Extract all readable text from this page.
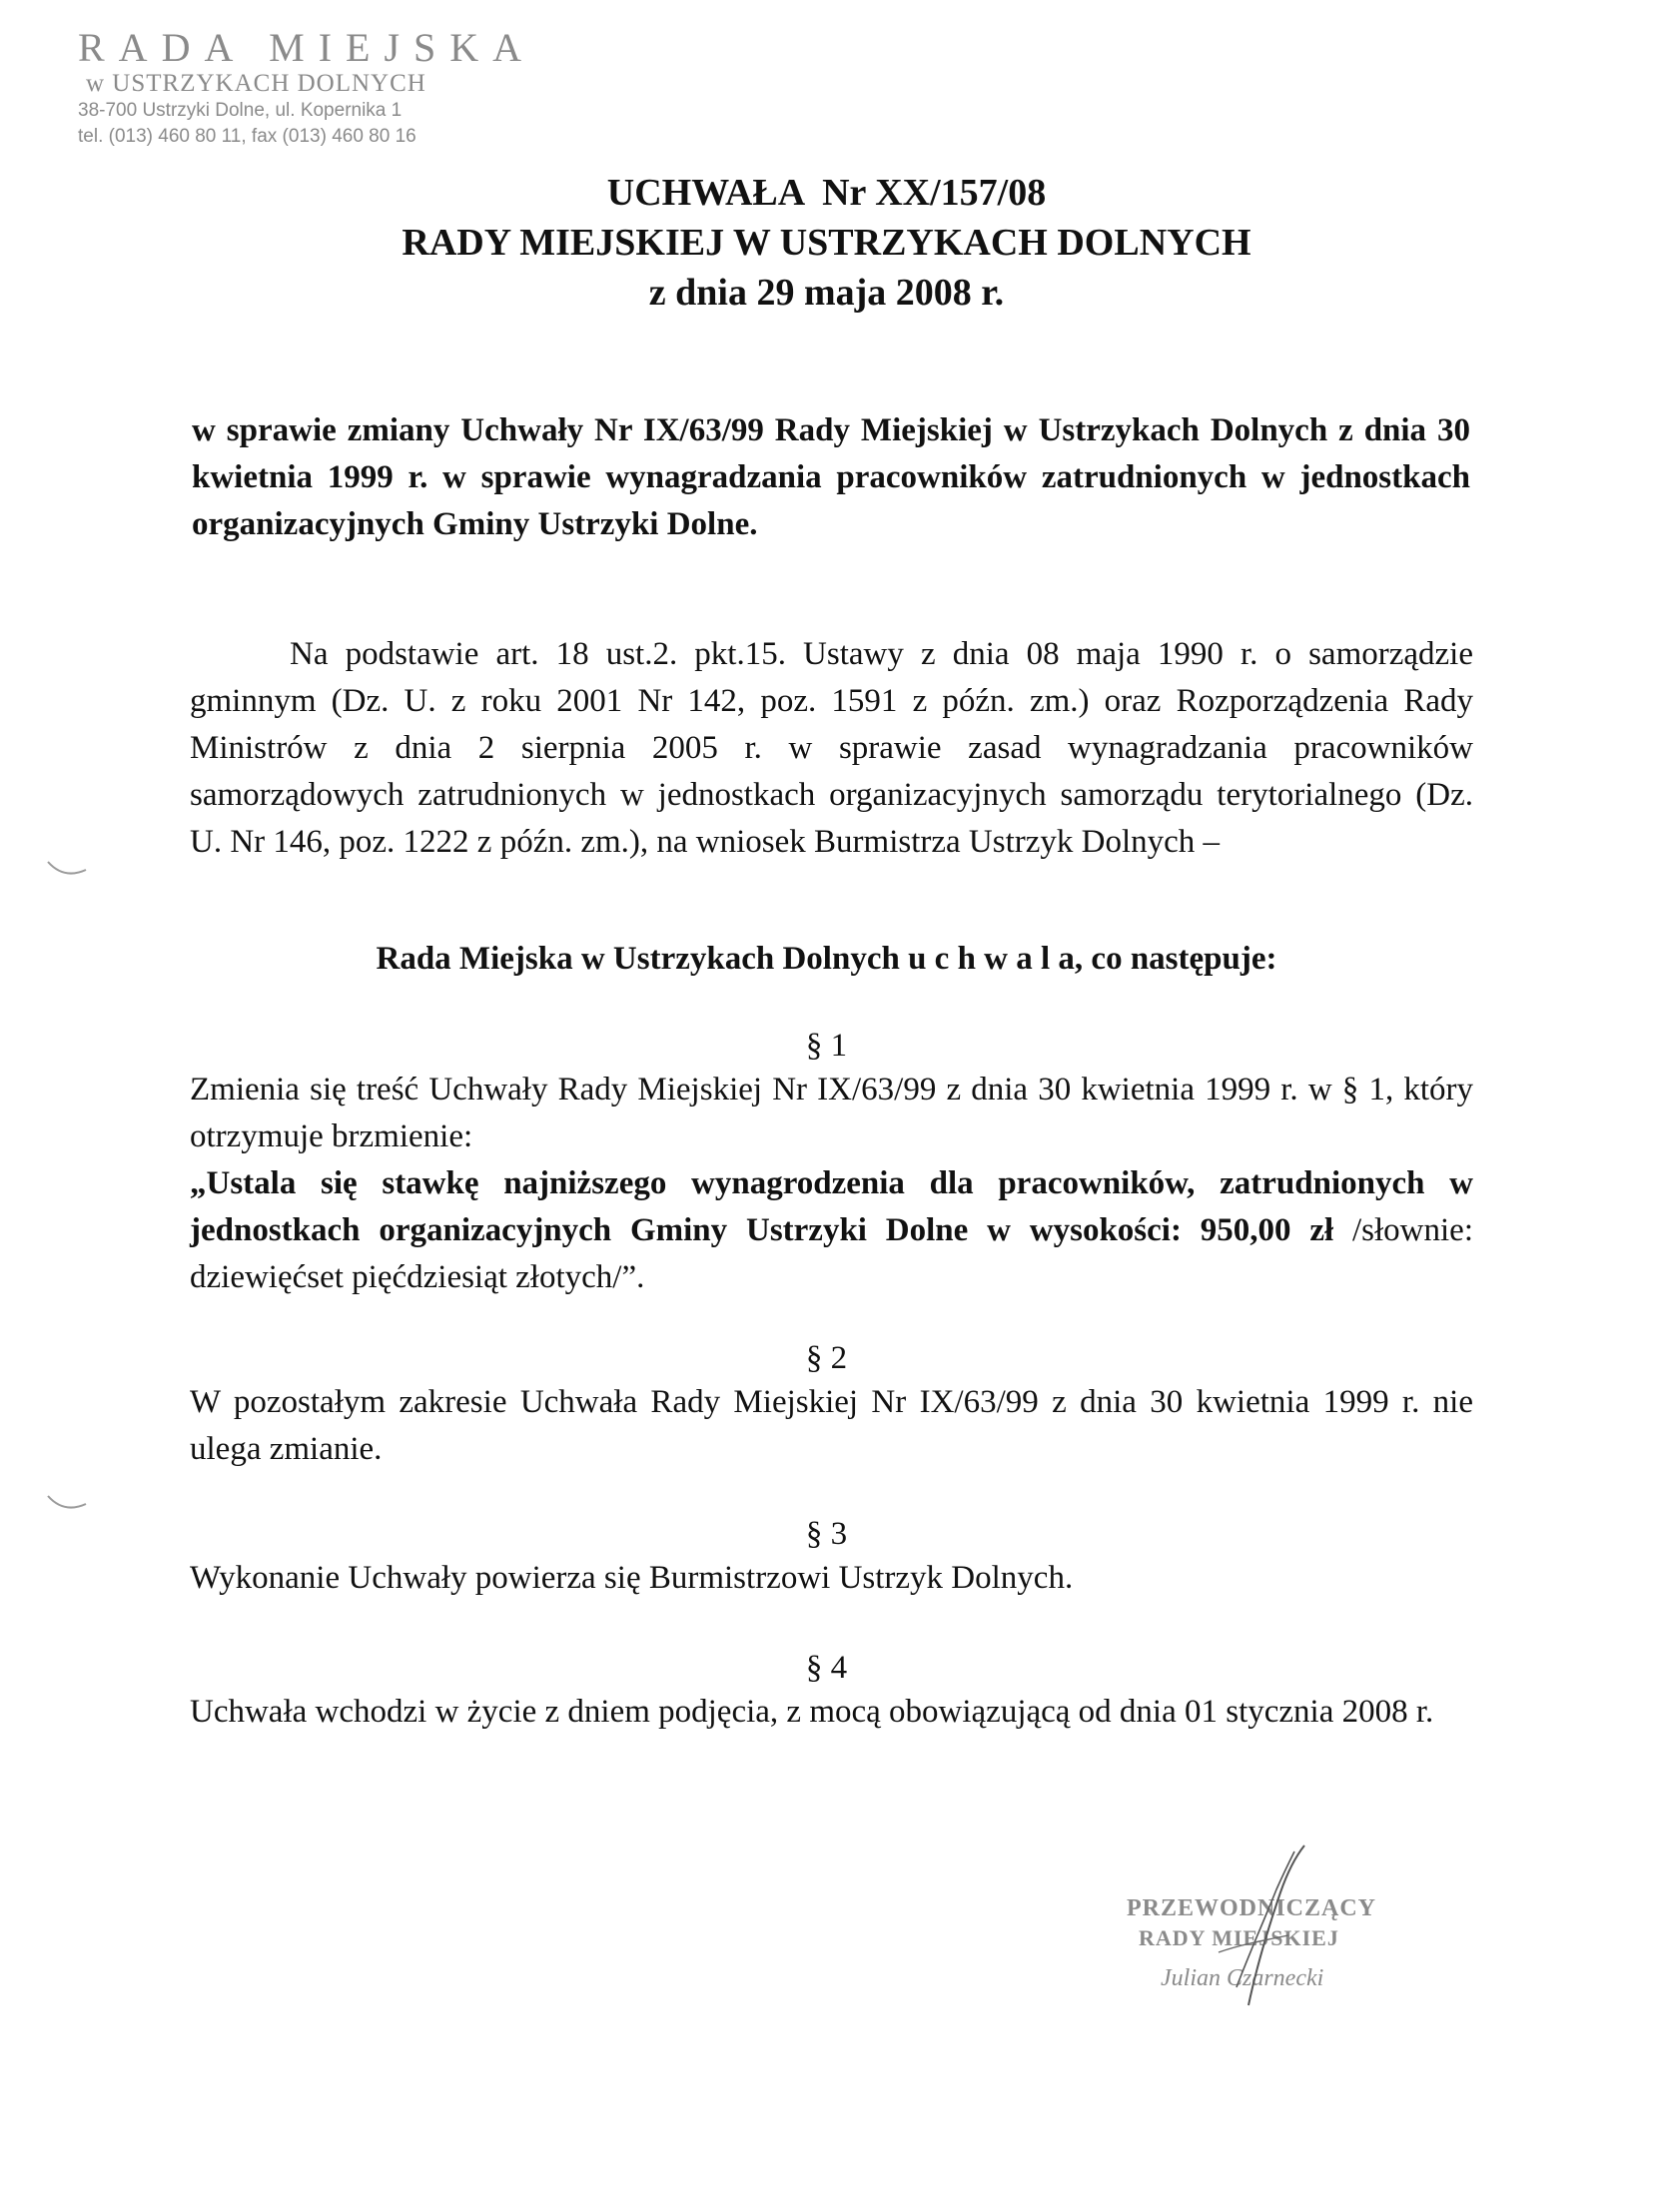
RADA MIEJSKA
w USTRZYKACH DOLNYCH
38-700 Ustrzyki Dolne, ul. Kopernika 1
tel. (013) 460 80 11, fax (013) 460 80 16
UCHWAŁA  Nr XX/157/08
RADY MIEJSKIEJ W USTRZYKACH DOLNYCH
z dnia 29 maja 2008 r.
w sprawie zmiany Uchwały Nr IX/63/99 Rady Miejskiej w Ustrzykach Dolnych z dnia 30 kwietnia 1999 r. w sprawie wynagradzania pracowników zatrudnionych w jednostkach organizacyjnych Gminy Ustrzyki Dolne.
Na podstawie art. 18 ust.2. pkt.15. Ustawy z dnia 08 maja 1990 r. o samorządzie gminnym (Dz. U. z roku 2001 Nr 142, poz. 1591 z późn. zm.) oraz Rozporządzenia Rady Ministrów z dnia 2 sierpnia 2005 r. w sprawie zasad wynagradzania pracowników samorządowych zatrudnionych w jednostkach organizacyjnych samorządu terytorialnego (Dz. U. Nr 146, poz. 1222 z późn. zm.), na wniosek Burmistrza Ustrzyk Dolnych –
Rada Miejska w Ustrzykach Dolnych u c h w a l a, co następuje:
§ 1
Zmienia się treść Uchwały Rady Miejskiej Nr IX/63/99 z dnia 30 kwietnia 1999 r. w § 1, który otrzymuje brzmienie:
„Ustala się stawkę najniższego wynagrodzenia dla pracowników, zatrudnionych w jednostkach organizacyjnych Gminy Ustrzyki Dolne w wysokości: 950,00 zł /słownie: dziewięćset pięćdziesiąt złotych/”.
§ 2
W pozostałym zakresie Uchwała Rady Miejskiej Nr IX/63/99 z dnia 30 kwietnia 1999 r. nie ulega zmianie.
§ 3
Wykonanie Uchwały powierza się Burmistrzowi Ustrzyk Dolnych.
§ 4
Uchwała wchodzi w życie z dniem podjęcia, z mocą obowiązującą od dnia 01 stycznia 2008 r.
PRZEWODNICZĄCY
RADY MIEJSKIEJ
Julian Czarnecki
